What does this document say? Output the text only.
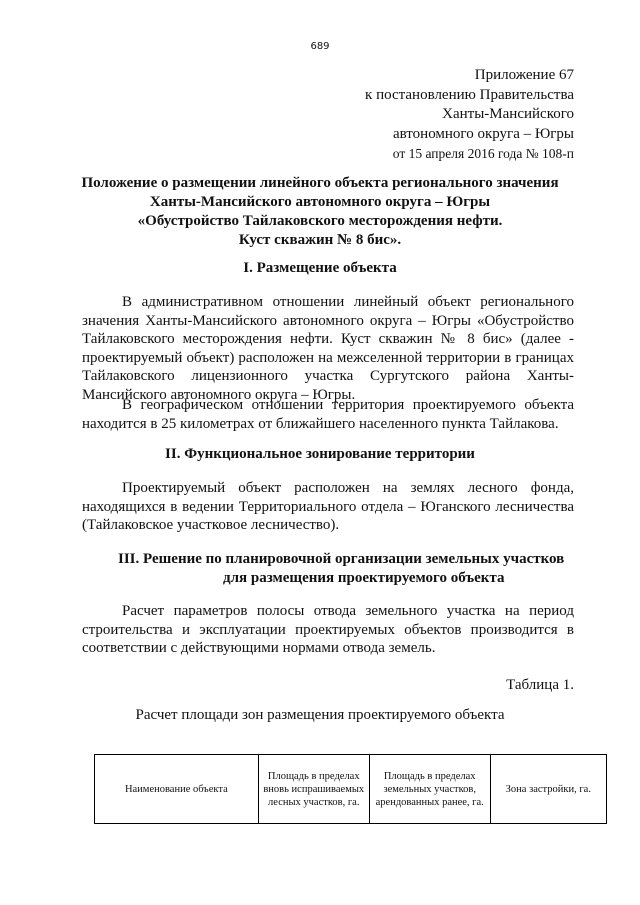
689
Приложение 67
к постановлению Правительства
Ханты-Мансийского
автономного округа – Югры
от 15 апреля 2016 года № 108-п
Положение о размещении линейного объекта регионального значения
Ханты-Мансийского автономного округа – Югры
«Обустройство Тайлаковского месторождения нефти.
Куст скважин № 8 бис».
I. Размещение объекта

В административном отношении линейный объект регионального значения Ханты-Мансийского автономного округа – Югры «Обустройство Тайлаковского месторождения нефти. Куст скважин № 8 бис» (далее - проектируемый объект) расположен на межселенной территории в границах Тайлаковского лицензионного участка Сургутского района Ханты-Мансийского автономного округа – Югры.

В географическом отношении территория проектируемого объекта находится в 25 километрах от ближайшего населенного пункта Тайлакова.

II. Функциональное зонирование территории

Проектируемый объект расположен на землях лесного фонда, находящихся в ведении Территориального отдела – Юганского лесничества (Тайлаковское участковое лесничество).

III. Решение по планировочной организации земельных участков
для размещения проектируемого объекта

Расчет параметров полосы отвода земельного участка на период строительства и эксплуатации проектируемых объектов производится в соответствии с действующими нормами отвода земель.

Таблица 1.
Расчет площади зон размещения проектируемого объекта
Наименование объекта	Площадь в пределах вновь испрашиваемых лесных участков, га.	Площадь в пределах земельных участков, арендованных ранее, га.	Зона застройки, га.
